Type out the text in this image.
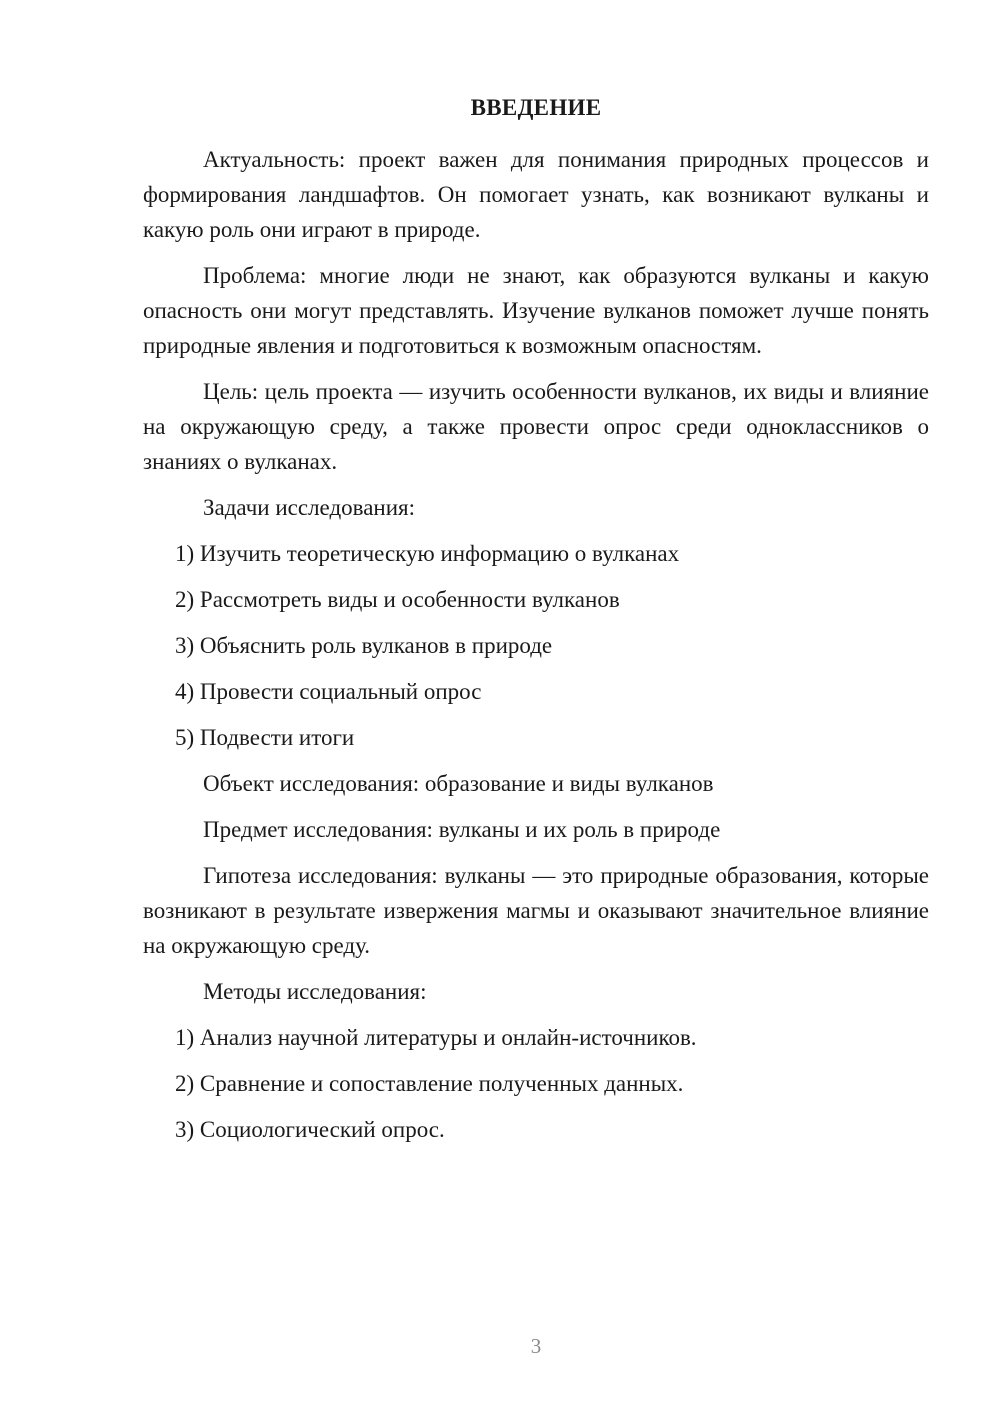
ВВЕДЕНИЕ

Актуальность: проект важен для понимания природных процессов и формирования ландшафтов. Он помогает узнать, как возникают вулканы и какую роль они играют в природе.

Проблема: многие люди не знают, как образуются вулканы и какую опасность они могут представлять. Изучение вулканов поможет лучше понять природные явления и подготовиться к возможным опасностям.

Цель: цель проекта — изучить особенности вулканов, их виды и влияние на окружающую среду, а также провести опрос среди одноклассников о знаниях о вулканах.

Задачи исследования:

1) Изучить теоретическую информацию о вулканах

2) Рассмотреть виды и особенности вулканов

3) Объяснить роль вулканов в природе

4) Провести социальный опрос

5) Подвести итоги

Объект исследования: образование и виды вулканов

Предмет исследования: вулканы и их роль в природе

Гипотеза исследования: вулканы — это природные образования, которые возникают в результате извержения магмы и оказывают значительное влияние на окружающую среду.

Методы исследования:

1) Анализ научной литературы и онлайн-источников.

2) Сравнение и сопоставление полученных данных.

3) Социологический опрос.

3
